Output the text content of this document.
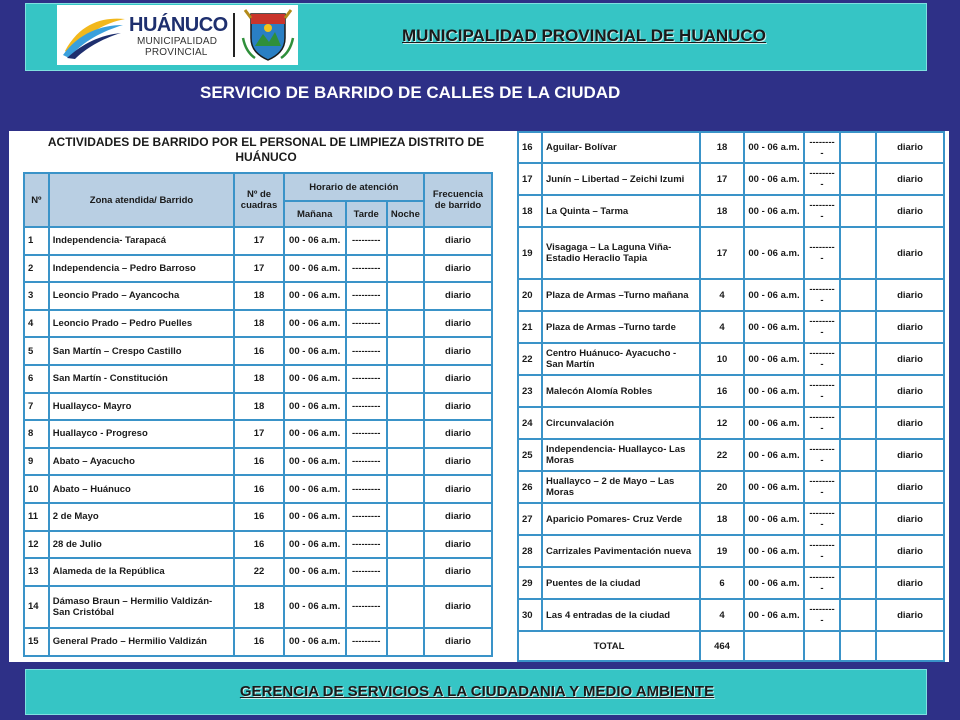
HUÁNUCO
MUNICIPALIDAD
PROVINCIAL
MUNICIPALIDAD PROVINCIAL DE HUANUCO
SERVICIO DE BARRIDO DE CALLES DE LA CIUDAD
ACTIVIDADES DE BARRIDO POR EL PERSONAL DE LIMPIEZA DISTRITO DE HUÁNUCO
Nº	Zona atendida/ Barrido	Nº de cuadras	Horario de atención			Frecuencia de barrido
			Mañana	Tarde	Noche	
1	Independencia- Tarapacá	17	00 - 06 a.m.	---------		diario
2	Independencia – Pedro Barroso	17	00 - 06 a.m.	---------		diario
3	Leoncio Prado – Ayancocha	18	00 - 06 a.m.	---------		diario
4	Leoncio Prado – Pedro Puelles	18	00 - 06 a.m.	---------		diario
5	San Martín – Crespo Castillo	16	00 - 06 a.m.	---------		diario
6	San Martín - Constitución	18	00 - 06 a.m.	---------		diario
7	Huallayco- Mayro	18	00 - 06 a.m.	---------		diario
8	Huallayco - Progreso	17	00 - 06 a.m.	---------		diario
9	Abato – Ayacucho	16	00 - 06 a.m.	---------		diario
10	Abato – Huánuco	16	00 - 06 a.m.	---------		diario
11	2 de Mayo	16	00 - 06 a.m.	---------		diario
12	28 de Julio	16	00 - 06 a.m.	---------		diario
13	Alameda de la República	22	00 - 06 a.m.	---------		diario
14	Dámaso Braun – Hermilio Valdizán- San Cristóbal	18	00 - 06 a.m.	---------		diario
15	General Prado – Hermilio Valdizán	16	00 - 06 a.m.	---------		diario
16	Aguilar- Bolívar	18	00 - 06 a.m.	---------		diario
17	Junín – Libertad – Zeichi Izumi	17	00 - 06 a.m.	---------		diario
18	La Quinta – Tarma	18	00 - 06 a.m.	---------		diario
19	Visagaga – La Laguna Viña- Estadio Heraclio Tapia	17	00 - 06 a.m.	---------		diario
20	Plaza de Armas –Turno mañana	4	00 - 06 a.m.	---------		diario
21	Plaza de Armas –Turno tarde	4	00 - 06 a.m.	---------		diario
22	Centro Huánuco- Ayacucho - San Martín	10	00 - 06 a.m.	---------		diario
23	Malecón Alomía Robles	16	00 - 06 a.m.	---------		diario
24	Circunvalación	12	00 - 06 a.m.	---------		diario
25	Independencia- Huallayco- Las Moras	22	00 - 06 a.m.	---------		diario
26	Huallayco – 2 de Mayo – Las Moras	20	00 - 06 a.m.	---------		diario
27	Aparicio Pomares- Cruz Verde	18	00 - 06 a.m.	---------		diario
28	Carrizales Pavimentación nueva	19	00 - 06 a.m.	---------		diario
29	Puentes de la ciudad	6	00 - 06 a.m.	---------		diario
30	Las 4 entradas de la ciudad	4	00 - 06 a.m.	---------		diario
TOTAL		464				
GERENCIA DE SERVICIOS A LA CIUDADANIA Y MEDIO AMBIENTE
